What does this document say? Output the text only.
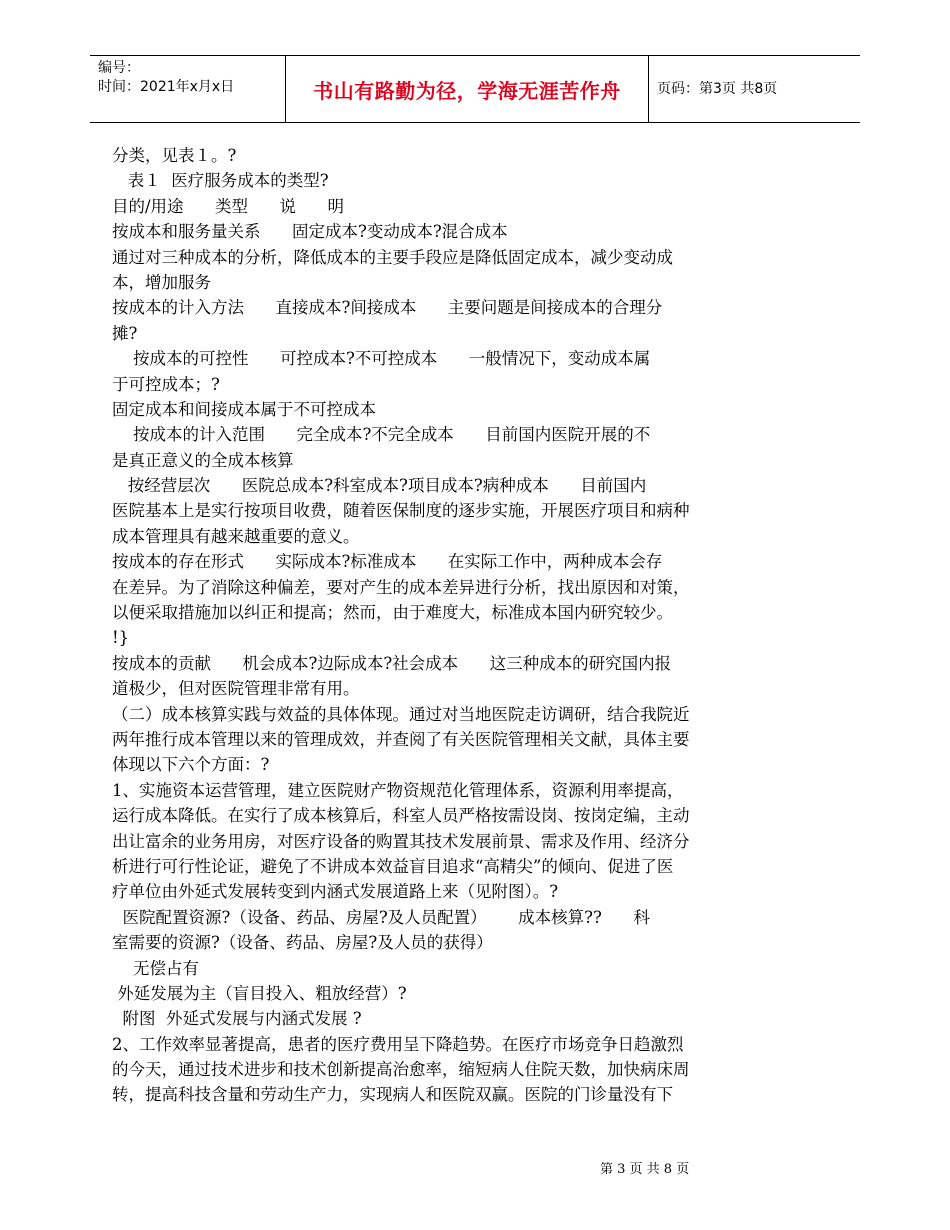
编号：
时间：2021年x月x日	书山有路勤为径，学海无涯苦作舟	页码：第3页 共8页
分类，见表１。?
表１  医疗服务成本的类型?
目的/用途      类型      说      明
按成本和服务量关系      固定成本?变动成本?混合成本
通过对三种成本的分析，降低成本的主要手段应是降低固定成本，减少变动成
本，增加服务
按成本的计入方法      直接成本?间接成本      主要问题是间接成本的合理分
摊?
按成本的可控性      可控成本?不可控成本      一般情况下，变动成本属
于可控成本；?
固定成本和间接成本属于不可控成本
按成本的计入范围      完全成本?不完全成本      目前国内医院开展的不
是真正意义的全成本核算
按经营层次      医院总成本?科室成本?项目成本?病种成本      目前国内
医院基本上是实行按项目收费，随着医保制度的逐步实施，开展医疗项目和病种
成本管理具有越来越重要的意义。
按成本的存在形式      实际成本?标准成本      在实际工作中，两种成本会存
在差异。为了消除这种偏差，要对产生的成本差异进行分析，找出原因和对策，
以便采取措施加以纠正和提高；然而，由于难度大，标准成本国内研究较少。
!}
按成本的贡献      机会成本?边际成本?社会成本      这三种成本的研究国内报
道极少，但对医院管理非常有用。
（二）成本核算实践与效益的具体体现。通过对当地医院走访调研，结合我院近
两年推行成本管理以来的管理成效，并查阅了有关医院管理相关文献，具体主要
体现以下六个方面：?
1、实施资本运营管理，建立医院财产物资规范化管理体系，资源利用率提高，
运行成本降低。在实行了成本核算后，科室人员严格按需设岗、按岗定编，主动
出让富余的业务用房，对医疗设备的购置其技术发展前景、需求及作用、经济分
析进行可行性论证，避免了不讲成本效益盲目追求“高精尖”的倾向、促进了医
疗单位由外延式发展转变到内涵式发展道路上来（见附图）。?
医院配置资源?（设备、药品、房屋?及人员配置）      成本核算??      科
室需要的资源?（设备、药品、房屋?及人员的获得）
无偿占有
外延发展为主（盲目投入、粗放经营）?
附图  外延式发展与内涵式发展 ?
2、工作效率显著提高，患者的医疗费用呈下降趋势。在医疗市场竞争日趋激烈
的今天，通过技术进步和技术创新提高治愈率，缩短病人住院天数，加快病床周
转，提高科技含量和劳动生产力，实现病人和医院双赢。医院的门诊量没有下
第 3 页 共 8 页
